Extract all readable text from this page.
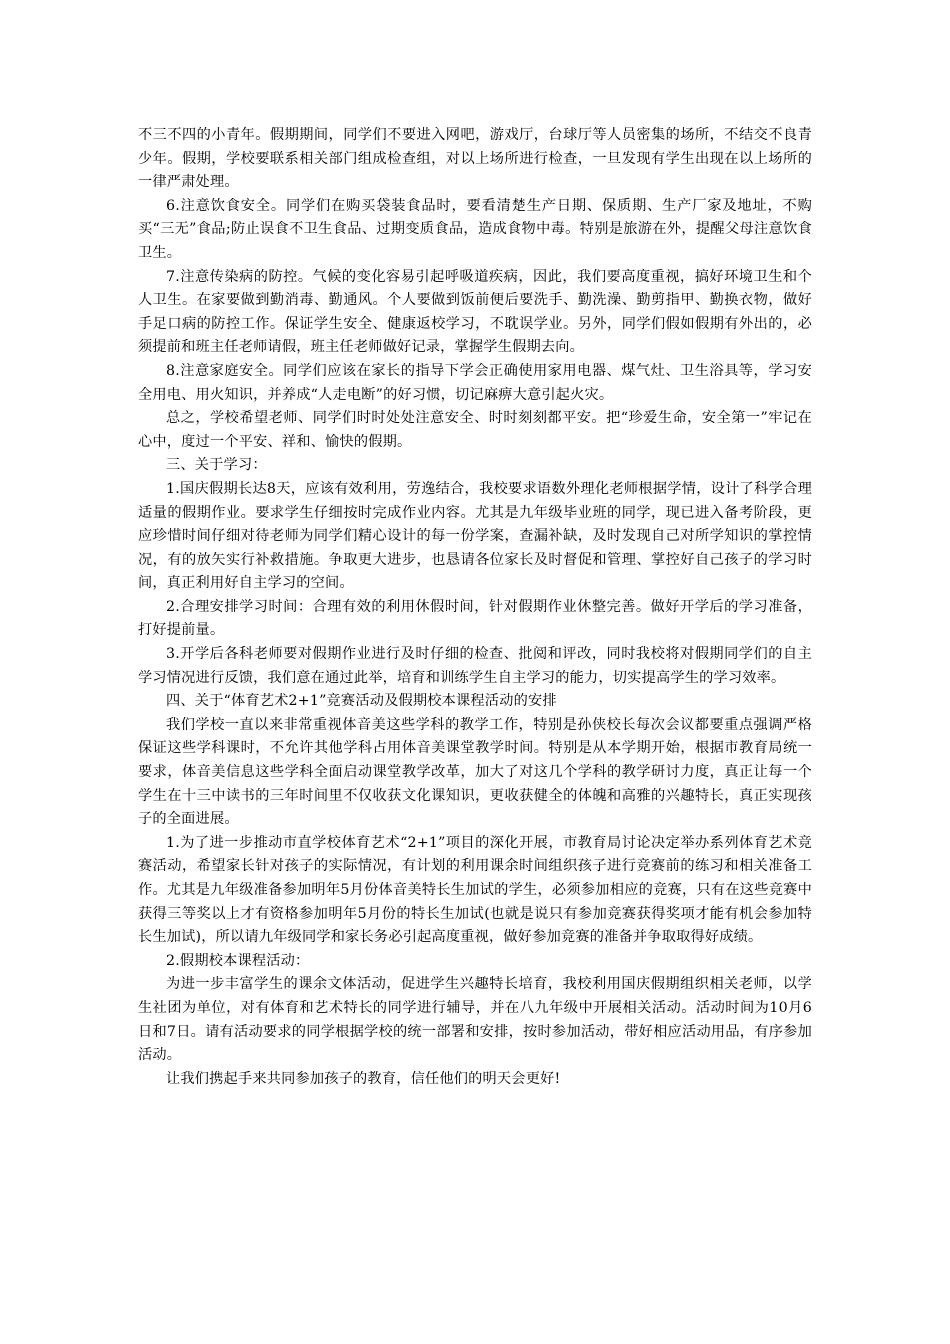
不三不四的小青年。假期期间，同学们不要进入网吧，游戏厅，台球厅等人员密集的场所，不结交不良青少年。假期，学校要联系相关部门组成检查组，对以上场所进行检查，一旦发现有学生出现在以上场所的一律严肃处理。

6.注意饮食安全。同学们在购买袋装食品时，要看清楚生产日期、保质期、生产厂家及地址，不购买“三无”食品;防止误食不卫生食品、过期变质食品，造成食物中毒。特别是旅游在外，提醒父母注意饮食卫生。

7.注意传染病的防控。气候的变化容易引起呼吸道疾病，因此，我们要高度重视，搞好环境卫生和个人卫生。在家要做到勤消毒、勤通风。个人要做到饭前便后要洗手、勤洗澡、勤剪指甲、勤换衣物，做好手足口病的防控工作。保证学生安全、健康返校学习，不耽误学业。另外，同学们假如假期有外出的，必须提前和班主任老师请假，班主任老师做好记录，掌握学生假期去向。

8.注意家庭安全。同学们应该在家长的指导下学会正确使用家用电器、煤气灶、卫生浴具等，学习安全用电、用火知识，并养成“人走电断”的好习惯，切记麻痹大意引起火灾。

总之，学校希望老师、同学们时时处处注意安全、时时刻刻都平安。把“珍爱生命，安全第一”牢记在心中，度过一个平安、祥和、愉快的假期。

三、关于学习：

1.国庆假期长达8天，应该有效利用，劳逸结合，我校要求语数外理化老师根据学情，设计了科学合理适量的假期作业。要求学生仔细按时完成作业内容。尤其是九年级毕业班的同学，现已进入备考阶段，更应珍惜时间仔细对待老师为同学们精心设计的每一份学案，查漏补缺，及时发现自己对所学知识的掌控情况，有的放矢实行补救措施。争取更大进步，也恳请各位家长及时督促和管理、掌控好自己孩子的学习时间，真正利用好自主学习的空间。

2.合理安排学习时间：合理有效的利用休假时间，针对假期作业休整完善。做好开学后的学习准备，打好提前量。

3.开学后各科老师要对假期作业进行及时仔细的检查、批阅和评改，同时我校将对假期同学们的自主学习情况进行反馈，我们意在通过此举，培育和训练学生自主学习的能力，切实提高学生的学习效率。

四、关于“体育艺术2+1”竞赛活动及假期校本课程活动的安排

我们学校一直以来非常重视体音美这些学科的教学工作，特别是孙侠校长每次会议都要重点强调严格保证这些学科课时，不允许其他学科占用体音美课堂教学时间。特别是从本学期开始，根据市教育局统一要求，体音美信息这些学科全面启动课堂教学改革，加大了对这几个学科的教学研讨力度，真正让每一个学生在十三中读书的三年时间里不仅收获文化课知识，更收获健全的体魄和高雅的兴趣特长，真正实现孩子的全面进展。

1.为了进一步推动市直学校体育艺术“2+1”项目的深化开展，市教育局讨论决定举办系列体育艺术竞赛活动，希望家长针对孩子的实际情况，有计划的利用课余时间组织孩子进行竞赛前的练习和相关准备工作。尤其是九年级准备参加明年5月份体音美特长生加试的学生，必须参加相应的竞赛，只有在这些竞赛中获得三等奖以上才有资格参加明年5月份的特长生加试(也就是说只有参加竞赛获得奖项才能有机会参加特长生加试)，所以请九年级同学和家长务必引起高度重视，做好参加竞赛的准备并争取取得好成绩。

2.假期校本课程活动：

为进一步丰富学生的课余文体活动，促进学生兴趣特长培育，我校利用国庆假期组织相关老师，以学生社团为单位，对有体育和艺术特长的同学进行辅导，并在八九年级中开展相关活动。活动时间为10月6日和7日。请有活动要求的同学根据学校的统一部署和安排，按时参加活动，带好相应活动用品，有序参加活动。

让我们携起手来共同参加孩子的教育，信任他们的明天会更好!
